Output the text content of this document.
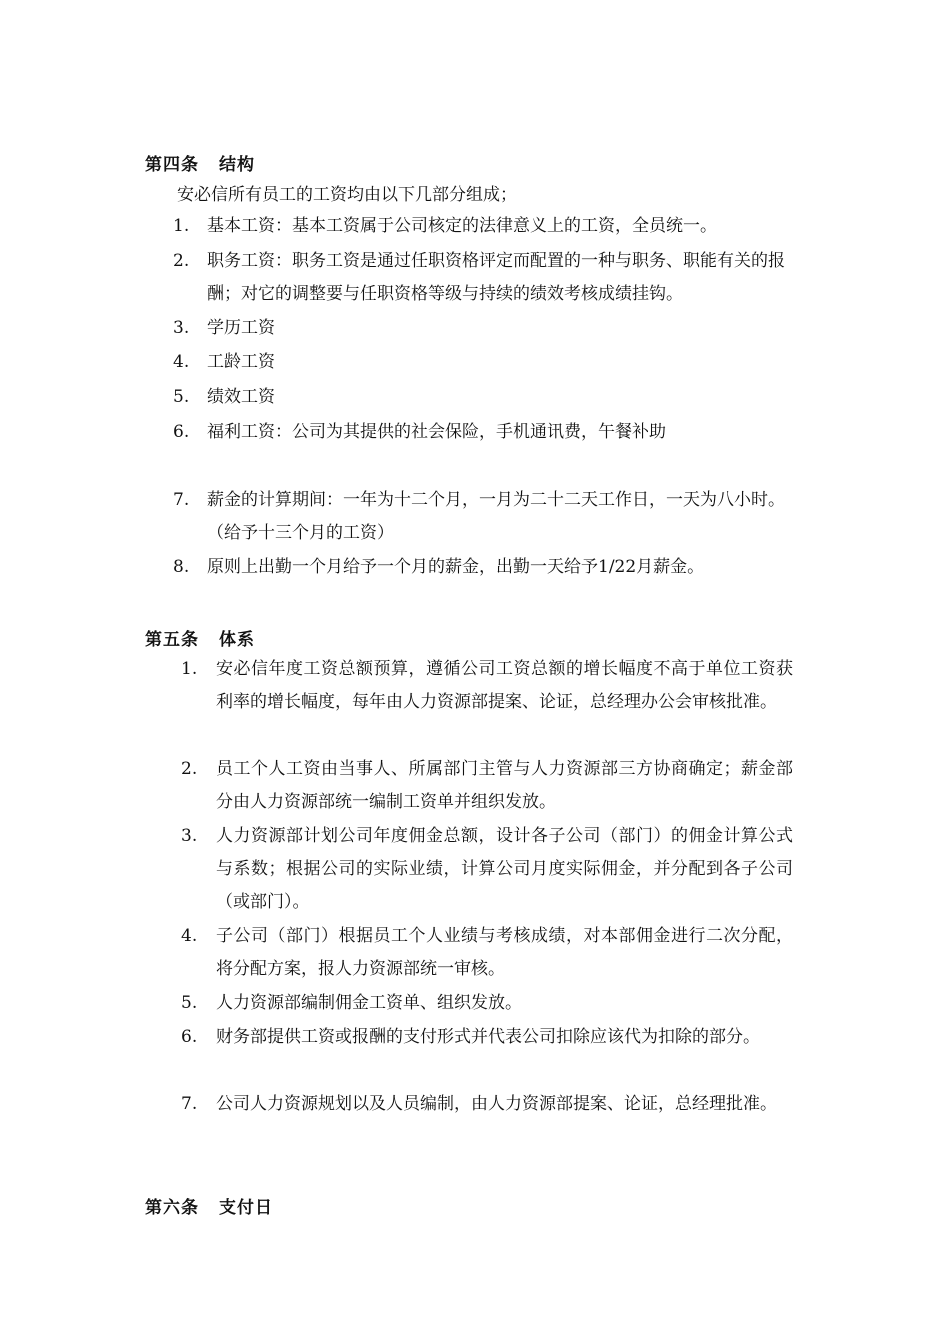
第四条 结构
安必信所有员工的工资均由以下几部分组成；
1. 基本工资：基本工资属于公司核定的法律意义上的工资，全员统一。
2. 职务工资：职务工资是通过任职资格评定而配置的一种与职务、职能有关的报酬；对它的调整要与任职资格等级与持续的绩效考核成绩挂钩。
3. 学历工资
4. 工龄工资
5. 绩效工资
6. 福利工资：公司为其提供的社会保险，手机通讯费，午餐补助
7. 薪金的计算期间：一年为十二个月，一月为二十二天工作日，一天为八小时。（给予十三个月的工资）
8. 原则上出勤一个月给予一个月的薪金，出勤一天给予1/22月薪金。
第五条 体系
1. 安必信年度工资总额预算，遵循公司工资总额的增长幅度不高于单位工资获利率的增长幅度，每年由人力资源部提案、论证，总经理办公会审核批准。
2. 员工个人工资由当事人、所属部门主管与人力资源部三方协商确定；薪金部分由人力资源部统一编制工资单并组织发放。
3. 人力资源部计划公司年度佣金总额，设计各子公司（部门）的佣金计算公式与系数；根据公司的实际业绩，计算公司月度实际佣金，并分配到各子公司（或部门）。
4. 子公司（部门）根据员工个人业绩与考核成绩，对本部佣金进行二次分配，将分配方案，报人力资源部统一审核。
5. 人力资源部编制佣金工资单、组织发放。
6. 财务部提供工资或报酬的支付形式并代表公司扣除应该代为扣除的部分。
7. 公司人力资源规划以及人员编制，由人力资源部提案、论证，总经理批准。
第六条 支付日
